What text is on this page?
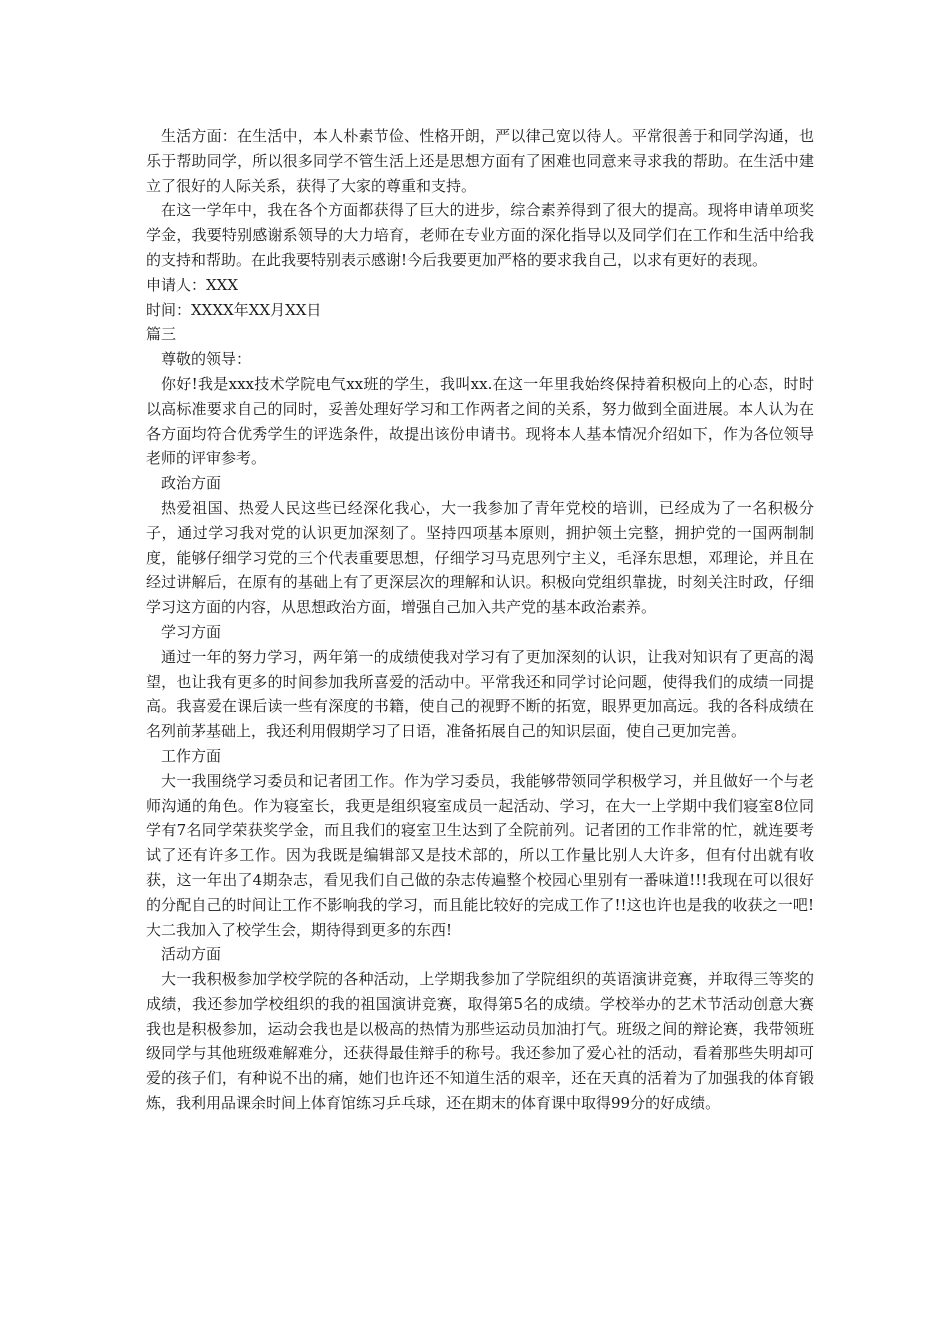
生活方面：在生活中，本人朴素节俭、性格开朗，严以律己宽以待人。平常很善于和同学沟通，也乐于帮助同学，所以很多同学不管生活上还是思想方面有了困难也同意来寻求我的帮助。在生活中建立了很好的人际关系，获得了大家的尊重和支持。

在这一学年中，我在各个方面都获得了巨大的进步，综合素养得到了很大的提高。现将申请单项奖学金，我要特别感谢系领导的大力培育，老师在专业方面的深化指导以及同学们在工作和生活中给我的支持和帮助。在此我要特别表示感谢!今后我要更加严格的要求我自己，以求有更好的表现。

申请人：XXX

时间：XXXX年XX月XX日

篇三

尊敬的领导：

你好!我是xxx技术学院电气xx班的学生，我叫xx.在这一年里我始终保持着积极向上的心态，时时以高标准要求自己的同时，妥善处理好学习和工作两者之间的关系，努力做到全面进展。本人认为在各方面均符合优秀学生的评选条件，故提出该份申请书。现将本人基本情况介绍如下，作为各位领导老师的评审参考。

政治方面

热爱祖国、热爱人民这些已经深化我心，大一我参加了青年党校的培训，已经成为了一名积极分子，通过学习我对党的认识更加深刻了。坚持四项基本原则，拥护领土完整，拥护党的一国两制制度，能够仔细学习党的三个代表重要思想，仔细学习马克思列宁主义，毛泽东思想，邓理论，并且在经过讲解后，在原有的基础上有了更深层次的理解和认识。积极向党组织靠拢，时刻关注时政，仔细学习这方面的内容，从思想政治方面，增强自己加入共产党的基本政治素养。

学习方面

通过一年的努力学习，两年第一的成绩使我对学习有了更加深刻的认识，让我对知识有了更高的渴望，也让我有更多的时间参加我所喜爱的活动中。平常我还和同学讨论问题，使得我们的成绩一同提高。我喜爱在课后读一些有深度的书籍，使自己的视野不断的拓宽，眼界更加高远。我的各科成绩在名列前茅基础上，我还利用假期学习了日语，准备拓展自己的知识层面，使自己更加完善。

工作方面

大一我围绕学习委员和记者团工作。作为学习委员，我能够带领同学积极学习，并且做好一个与老师沟通的角色。作为寝室长，我更是组织寝室成员一起活动、学习，在大一上学期中我们寝室8位同学有7名同学荣获奖学金，而且我们的寝室卫生达到了全院前列。记者团的工作非常的忙，就连要考试了还有许多工作。因为我既是编辑部又是技术部的，所以工作量比别人大许多，但有付出就有收获，这一年出了4期杂志，看见我们自己做的杂志传遍整个校园心里别有一番味道!!!我现在可以很好的分配自己的时间让工作不影响我的学习，而且能比较好的完成工作了!!这也许也是我的收获之一吧!大二我加入了校学生会，期待得到更多的东西!

活动方面

大一我积极参加学校学院的各种活动，上学期我参加了学院组织的英语演讲竞赛，并取得三等奖的成绩，我还参加学校组织的我的祖国演讲竞赛，取得第5名的成绩。学校举办的艺术节活动创意大赛我也是积极参加，运动会我也是以极高的热情为那些运动员加油打气。班级之间的辩论赛，我带领班级同学与其他班级难解难分，还获得最佳辩手的称号。我还参加了爱心社的活动，看着那些失明却可爱的孩子们，有种说不出的痛，她们也许还不知道生活的艰辛，还在天真的活着为了加强我的体育锻炼，我利用品课余时间上体育馆练习乒乓球，还在期末的体育课中取得99分的好成绩。
